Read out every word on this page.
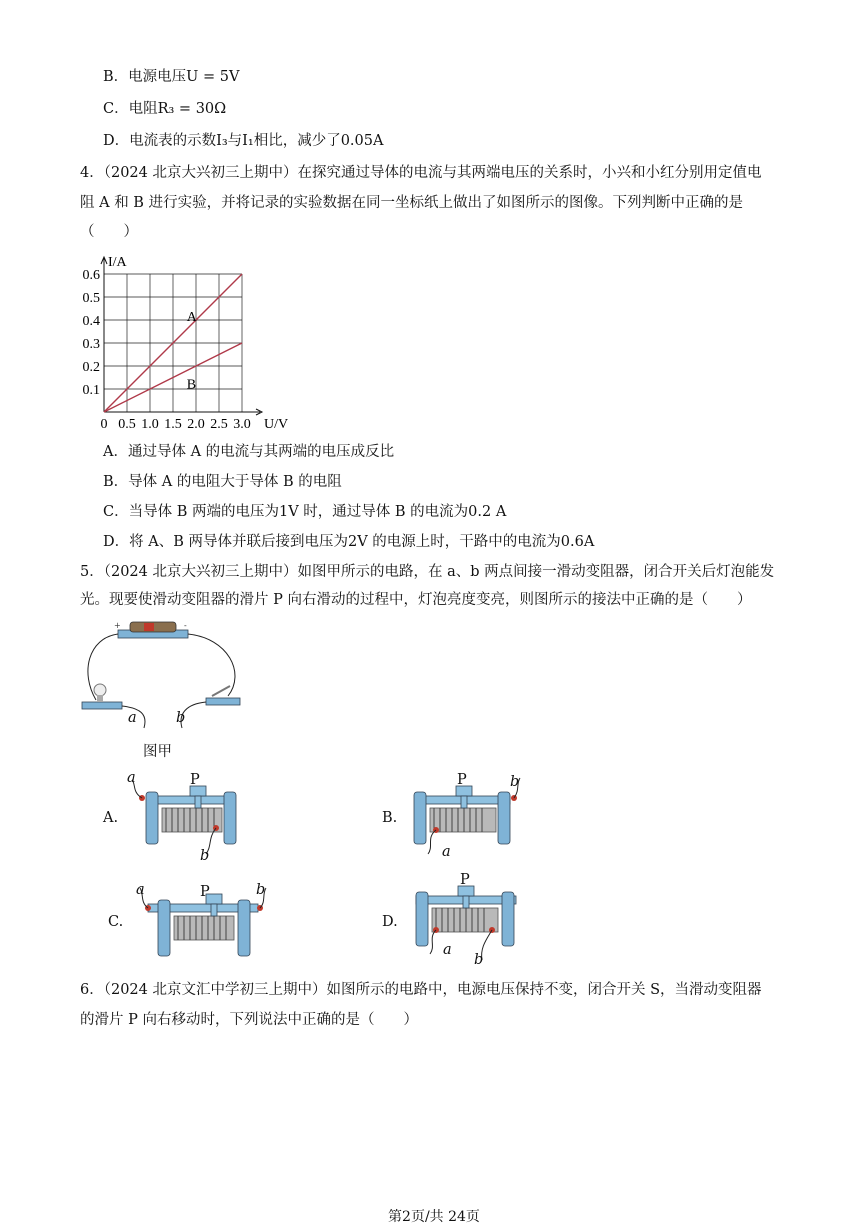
B．电源电压U = 5V
C．电阻R₃ = 30Ω
D．电流表的示数I₃与I₁相比，减少了0.05A
4．（2024 北京大兴初三上期中）在探究通过导体的电流与其两端电压的关系时，小兴和小红分别用定值电
阻 A 和 B 进行实验，并将记录的实验数据在同一坐标纸上做出了如图所示的图像。下列判断中正确的是
（　　）
0 0.5 1.0 1.5 2.0 2.5 3.0
0.1
0.2
0.3
0.4
0.5
0.6
U/V
I/A
A
B
A．通过导体 A 的电流与其两端的电压成反比
B．导体 A 的电阻大于导体 B 的电阻
C．当导体 B 两端的电压为1V 时，通过导体 B 的电流为0.2 A
D．将 A、B 两导体并联后接到电压为2V 的电源上时，干路中的电流为0.6A
5．（2024 北京大兴初三上期中）如图甲所示的电路，在 a、b 两点间接一滑动变阻器，闭合开关后灯泡能发
光。现要使滑动变阻器的滑片 P 向右滑动的过程中，灯泡亮度变亮，则图所示的接法中正确的是（　　）
+	-
a	b
图甲
A.
a	P
b
B.
P	b
a
C.
a	P	b
D.
P
a
b
6．（2024 北京文汇中学初三上期中）如图所示的电路中，电源电压保持不变，闭合开关 S，当滑动变阻器
的滑片 P 向右移动时，下列说法中正确的是（　　）
第2页/共 24页
